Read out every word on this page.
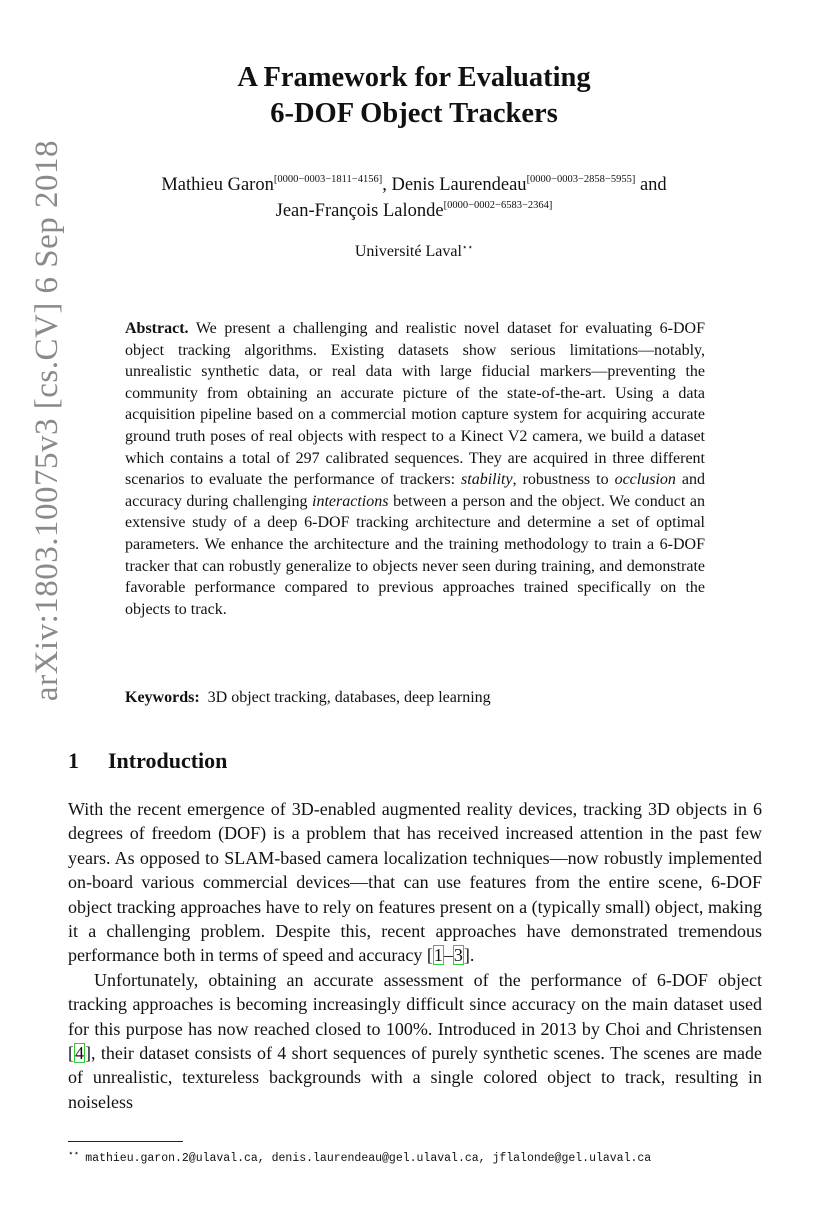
arXiv:1803.10075v3 [cs.CV] 6 Sep 2018
A Framework for Evaluating
6-DOF Object Trackers
Mathieu Garon[0000−0003−1811−4156], Denis Laurendeau[0000−0003−2858−5955] and
Jean-François Lalonde[0000−0002−6583−2364]
Université Laval⋆⋆
Abstract. We present a challenging and realistic novel dataset for evaluating 6-DOF object tracking algorithms. Existing datasets show serious limitations—notably, unrealistic synthetic data, or real data with large fiducial markers—preventing the community from obtaining an accurate picture of the state-of-the-art. Using a data acquisition pipeline based on a commercial motion capture system for acquiring accurate ground truth poses of real objects with respect to a Kinect V2 camera, we build a dataset which contains a total of 297 calibrated sequences. They are acquired in three different scenarios to evaluate the performance of trackers: stability, robustness to occlusion and accuracy during challenging interactions between a person and the object. We conduct an extensive study of a deep 6-DOF tracking architecture and determine a set of optimal parameters. We enhance the architecture and the training methodology to train a 6-DOF tracker that can robustly generalize to objects never seen during training, and demonstrate favorable performance compared to previous approaches trained specifically on the objects to track.
Keywords: 3D object tracking, databases, deep learning
1 Introduction

With the recent emergence of 3D-enabled augmented reality devices, tracking 3D objects in 6 degrees of freedom (DOF) is a problem that has received increased attention in the past few years. As opposed to SLAM-based camera localization techniques—now robustly implemented on-board various commercial devices—that can use features from the entire scene, 6-DOF object tracking approaches have to rely on features present on a (typically small) object, making it a challenging problem. Despite this, recent approaches have demonstrated tremendous performance both in terms of speed and accuracy [1–3].

Unfortunately, obtaining an accurate assessment of the performance of 6-DOF object tracking approaches is becoming increasingly difficult since accuracy on the main dataset used for this purpose has now reached closed to 100%. Introduced in 2013 by Choi and Christensen [4], their dataset consists of 4 short sequences of purely synthetic scenes. The scenes are made of unrealistic, textureless backgrounds with a single colored object to track, resulting in noiseless

⋆⋆ mathieu.garon.2@ulaval.ca, denis.laurendeau@gel.ulaval.ca, jflalonde@gel.ulaval.ca
